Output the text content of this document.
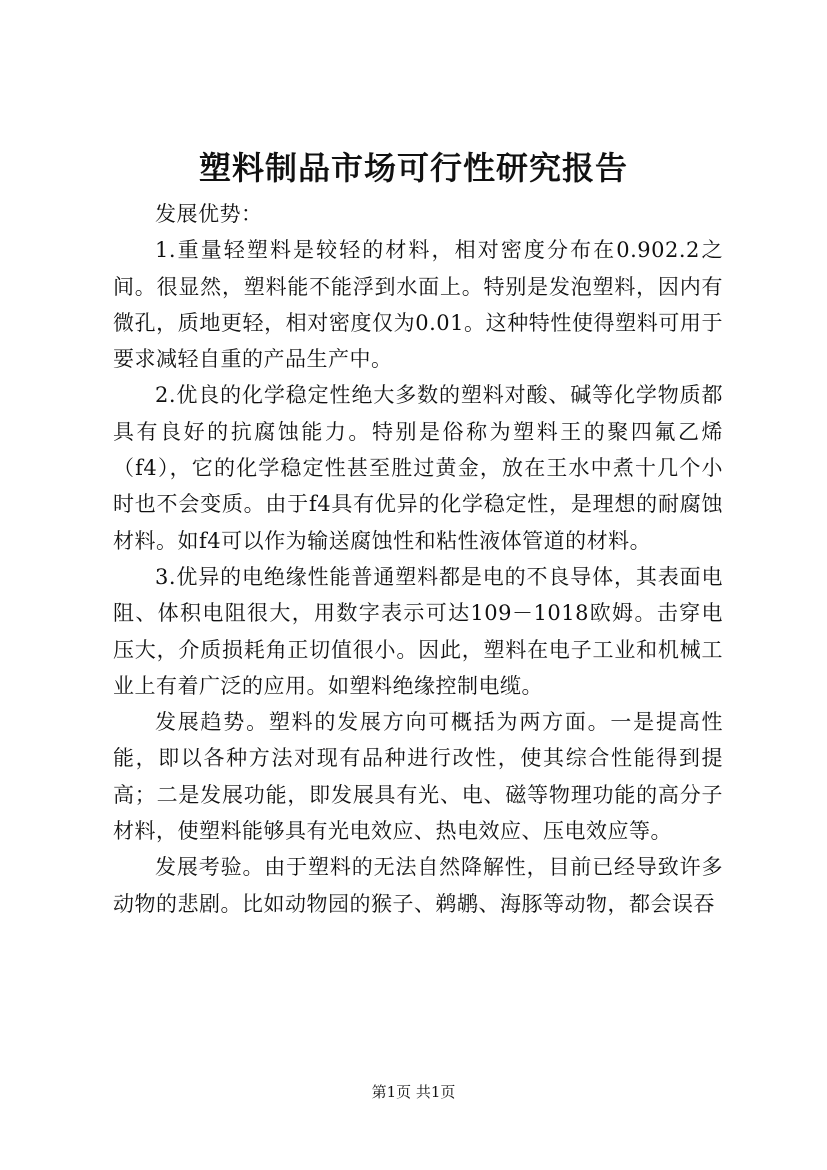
塑料制品市场可行性研究报告

发展优势：

1.重量轻塑料是较轻的材料，相对密度分布在0.902.2之间。很显然，塑料能不能浮到水面上。特别是发泡塑料，因内有微孔，质地更轻，相对密度仅为0.01。这种特性使得塑料可用于要求减轻自重的产品生产中。

2.优良的化学稳定性绝大多数的塑料对酸、碱等化学物质都具有良好的抗腐蚀能力。特别是俗称为塑料王的聚四氟乙烯（f4），它的化学稳定性甚至胜过黄金，放在王水中煮十几个小时也不会变质。由于f4具有优异的化学稳定性，是理想的耐腐蚀材料。如f4可以作为输送腐蚀性和粘性液体管道的材料。

3.优异的电绝缘性能普通塑料都是电的不良导体，其表面电阻、体积电阻很大，用数字表示可达109－1018欧姆。击穿电压大，介质损耗角正切值很小。因此，塑料在电子工业和机械工业上有着广泛的应用。如塑料绝缘控制电缆。

发展趋势。塑料的发展方向可概括为两方面。一是提高性能，即以各种方法对现有品种进行改性，使其综合性能得到提高；二是发展功能，即发展具有光、电、磁等物理功能的高分子材料，使塑料能够具有光电效应、热电效应、压电效应等。

发展考验。由于塑料的无法自然降解性，目前已经导致许多动物的悲剧。比如动物园的猴子、鹈鹕、海豚等动物，都会误吞

第1页 共1页
